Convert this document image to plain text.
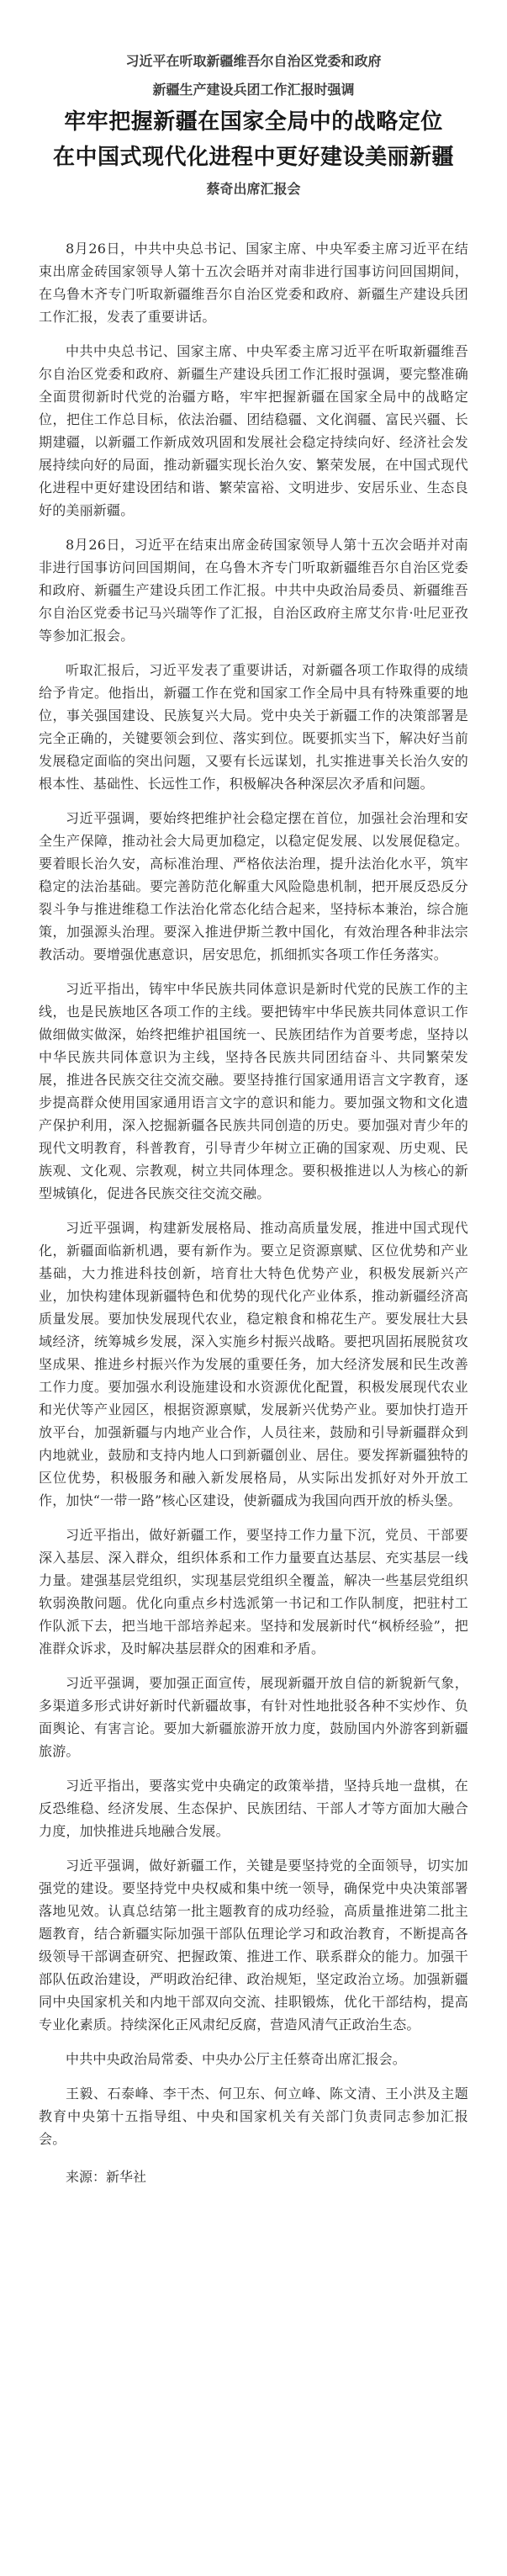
习近平在听取新疆维吾尔自治区党委和政府

新疆生产建设兵团工作汇报时强调

牢牢把握新疆在国家全局中的战略定位
在中国式现代化进程中更好建设美丽新疆

蔡奇出席汇报会

8月26日，中共中央总书记、国家主席、中央军委主席习近平在结束出席金砖国家领导人第十五次会晤并对南非进行国事访问回国期间，在乌鲁木齐专门听取新疆维吾尔自治区党委和政府、新疆生产建设兵团工作汇报，发表了重要讲话。

中共中央总书记、国家主席、中央军委主席习近平在听取新疆维吾尔自治区党委和政府、新疆生产建设兵团工作汇报时强调，要完整准确全面贯彻新时代党的治疆方略，牢牢把握新疆在国家全局中的战略定位，把住工作总目标，依法治疆、团结稳疆、文化润疆、富民兴疆、长期建疆，以新疆工作新成效巩固和发展社会稳定持续向好、经济社会发展持续向好的局面，推动新疆实现长治久安、繁荣发展，在中国式现代化进程中更好建设团结和谐、繁荣富裕、文明进步、安居乐业、生态良好的美丽新疆。

8月26日，习近平在结束出席金砖国家领导人第十五次会晤并对南非进行国事访问回国期间，在乌鲁木齐专门听取新疆维吾尔自治区党委和政府、新疆生产建设兵团工作汇报。中共中央政治局委员、新疆维吾尔自治区党委书记马兴瑞等作了汇报，自治区政府主席艾尔肯·吐尼亚孜等参加汇报会。

听取汇报后，习近平发表了重要讲话，对新疆各项工作取得的成绩给予肯定。他指出，新疆工作在党和国家工作全局中具有特殊重要的地位，事关强国建设、民族复兴大局。党中央关于新疆工作的决策部署是完全正确的，关键要领会到位、落实到位。既要抓实当下，解决好当前发展稳定面临的突出问题，又要有长远谋划，扎实推进事关长治久安的根本性、基础性、长远性工作，积极解决各种深层次矛盾和问题。

习近平强调，要始终把维护社会稳定摆在首位，加强社会治理和安全生产保障，推动社会大局更加稳定，以稳定促发展、以发展促稳定。要着眼长治久安，高标准治理、严格依法治理，提升法治化水平，筑牢稳定的法治基础。要完善防范化解重大风险隐患机制，把开展反恐反分裂斗争与推进维稳工作法治化常态化结合起来，坚持标本兼治，综合施策，加强源头治理。要深入推进伊斯兰教中国化，有效治理各种非法宗教活动。要增强优惠意识，居安思危，抓细抓实各项工作任务落实。

习近平指出，铸牢中华民族共同体意识是新时代党的民族工作的主线，也是民族地区各项工作的主线。要把铸牢中华民族共同体意识工作做细做实做深，始终把维护祖国统一、民族团结作为首要考虑，坚持以中华民族共同体意识为主线，坚持各民族共同团结奋斗、共同繁荣发展，推进各民族交往交流交融。要坚持推行国家通用语言文字教育，逐步提高群众使用国家通用语言文字的意识和能力。要加强文物和文化遗产保护利用，深入挖掘新疆各民族共同创造的历史。要加强对青少年的现代文明教育，科普教育，引导青少年树立正确的国家观、历史观、民族观、文化观、宗教观，树立共同体理念。要积极推进以人为核心的新型城镇化，促进各民族交往交流交融。

习近平强调，构建新发展格局、推动高质量发展，推进中国式现代化，新疆面临新机遇，要有新作为。要立足资源禀赋、区位优势和产业基础，大力推进科技创新，培育壮大特色优势产业，积极发展新兴产业，加快构建体现新疆特色和优势的现代化产业体系，推动新疆经济高质量发展。要加快发展现代农业，稳定粮食和棉花生产。要发展壮大县域经济，统筹城乡发展，深入实施乡村振兴战略。要把巩固拓展脱贫攻坚成果、推进乡村振兴作为发展的重要任务，加大经济发展和民生改善工作力度。要加强水利设施建设和水资源优化配置，积极发展现代农业和光伏等产业园区，根据资源禀赋，发展新兴优势产业。要加快打造开放平台，加强新疆与内地产业合作，人员往来，鼓励和引导新疆群众到内地就业，鼓励和支持内地人口到新疆创业、居住。要发挥新疆独特的区位优势，积极服务和融入新发展格局，从实际出发抓好对外开放工作，加快“一带一路”核心区建设，使新疆成为我国向西开放的桥头堡。

习近平指出，做好新疆工作，要坚持工作力量下沉，党员、干部要深入基层、深入群众，组织体系和工作力量要直达基层、充实基层一线力量。建强基层党组织，实现基层党组织全覆盖，解决一些基层党组织软弱涣散问题。优化向重点乡村选派第一书记和工作队制度，把驻村工作队派下去，把当地干部培养起来。坚持和发展新时代“枫桥经验”，把准群众诉求，及时解决基层群众的困难和矛盾。

习近平强调，要加强正面宣传，展现新疆开放自信的新貌新气象，多渠道多形式讲好新时代新疆故事，有针对性地批驳各种不实炒作、负面舆论、有害言论。要加大新疆旅游开放力度，鼓励国内外游客到新疆旅游。

习近平指出，要落实党中央确定的政策举措，坚持兵地一盘棋，在反恐维稳、经济发展、生态保护、民族团结、干部人才等方面加大融合力度，加快推进兵地融合发展。

习近平强调，做好新疆工作，关键是要坚持党的全面领导，切实加强党的建设。要坚持党中央权威和集中统一领导，确保党中央决策部署落地见效。认真总结第一批主题教育的成功经验，高质量推进第二批主题教育，结合新疆实际加强干部队伍理论学习和政治教育，不断提高各级领导干部调查研究、把握政策、推进工作、联系群众的能力。加强干部队伍政治建设，严明政治纪律、政治规矩，坚定政治立场。加强新疆同中央国家机关和内地干部双向交流、挂职锻炼，优化干部结构，提高专业化素质。持续深化正风肃纪反腐，营造风清气正政治生态。

中共中央政治局常委、中央办公厅主任蔡奇出席汇报会。

王毅、石泰峰、李干杰、何卫东、何立峰、陈文清、王小洪及主题教育中央第十五指导组、中央和国家机关有关部门负责同志参加汇报会。

来源：新华社
